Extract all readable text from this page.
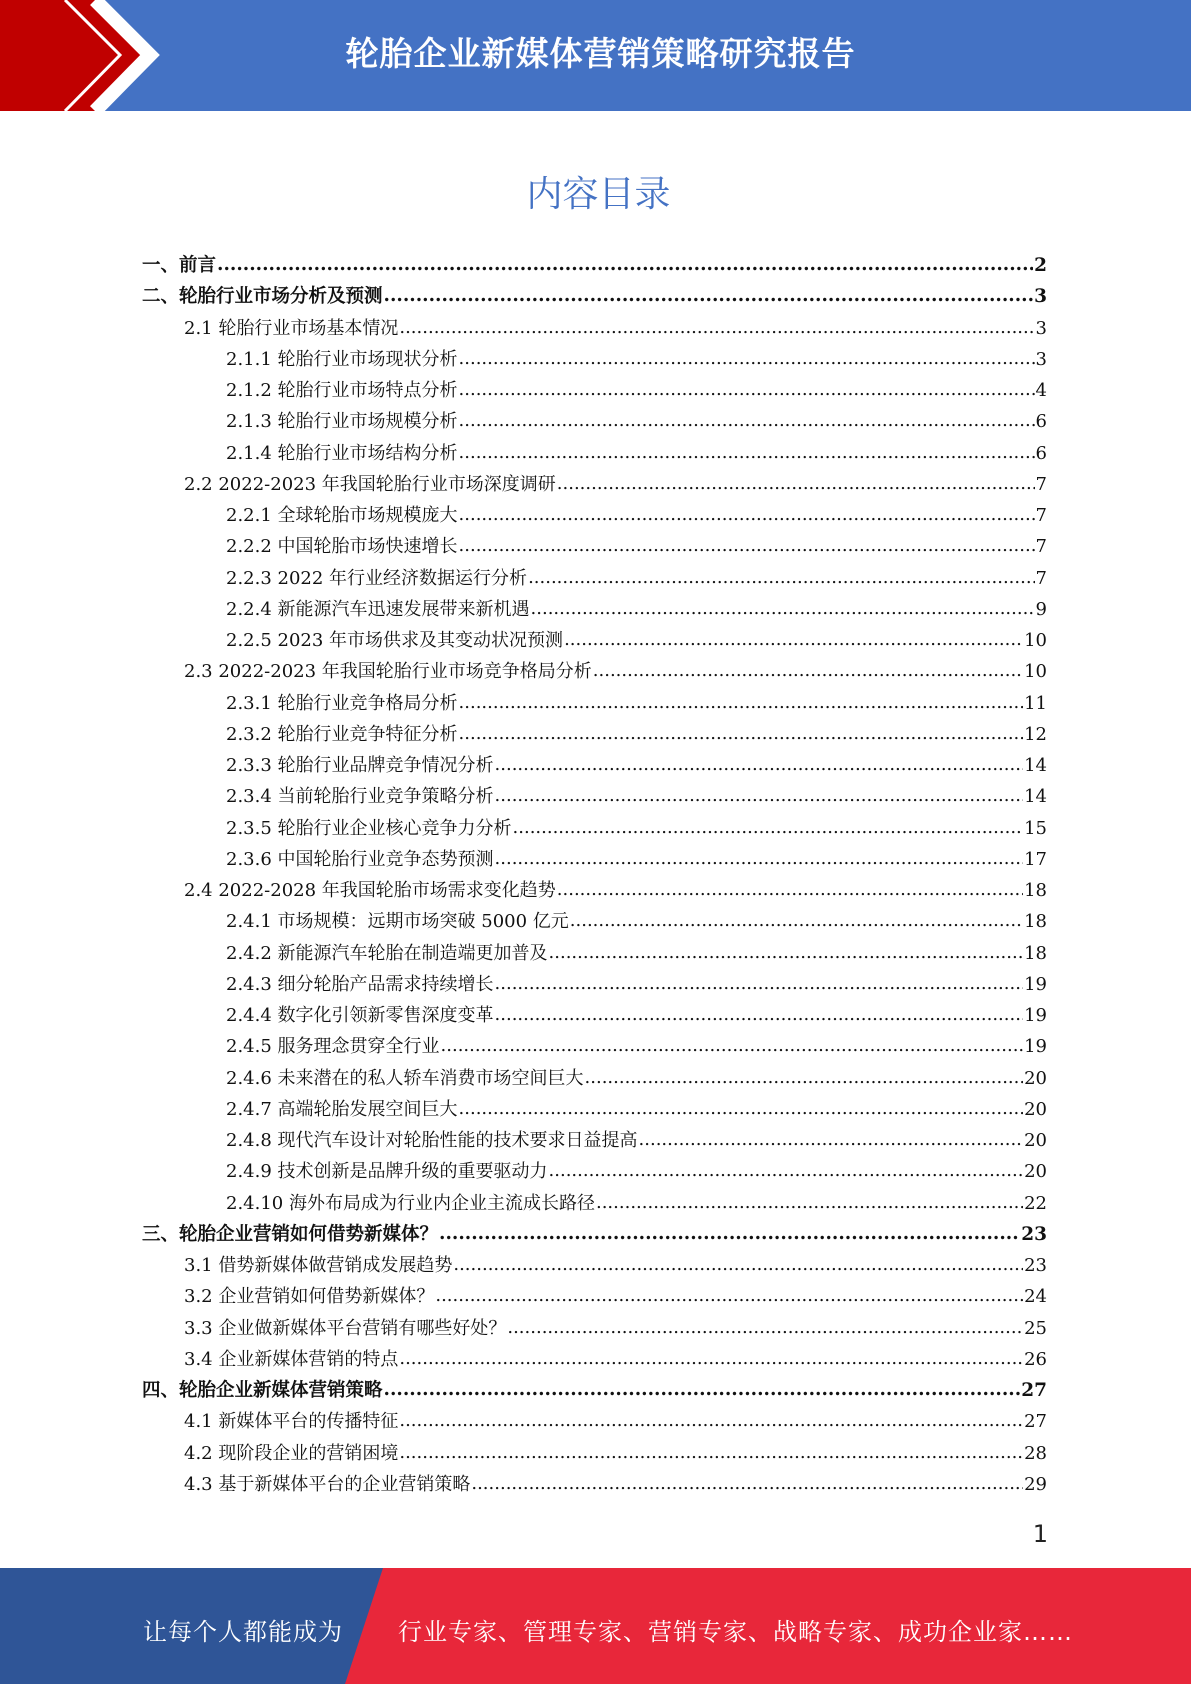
轮胎企业新媒体营销策略研究报告
内容目录
一、前言 .....	2
二、轮胎行业市场分析及预测 .....	3
2.1 轮胎行业市场基本情况 .....	3
2.1.1 轮胎行业市场现状分析 .....	3
2.1.2 轮胎行业市场特点分析 .....	4
2.1.3 轮胎行业市场规模分析 .....	6
2.1.4 轮胎行业市场结构分析 .....	6
2.2 2022-2023 年我国轮胎行业市场深度调研 .....	7
2.2.1 全球轮胎市场规模庞大 .....	7
2.2.2 中国轮胎市场快速增长 .....	7
2.2.3 2022 年行业经济数据运行分析 .....	7
2.2.4 新能源汽车迅速发展带来新机遇 .....	9
2.2.5 2023 年市场供求及其变动状况预测 .....	10
2.3 2022-2023 年我国轮胎行业市场竞争格局分析 .....	10
2.3.1 轮胎行业竞争格局分析 .....	11
2.3.2 轮胎行业竞争特征分析 .....	12
2.3.3 轮胎行业品牌竞争情况分析 .....	14
2.3.4 当前轮胎行业竞争策略分析 .....	14
2.3.5 轮胎行业企业核心竞争力分析 .....	15
2.3.6 中国轮胎行业竞争态势预测 .....	17
2.4 2022-2028 年我国轮胎市场需求变化趋势 .....	18
2.4.1 市场规模：远期市场突破 5000 亿元 .....	18
2.4.2 新能源汽车轮胎在制造端更加普及 .....	18
2.4.3 细分轮胎产品需求持续增长 .....	19
2.4.4 数字化引领新零售深度变革 .....	19
2.4.5 服务理念贯穿全行业 .....	19
2.4.6 未来潜在的私人轿车消费市场空间巨大 .....	20
2.4.7 高端轮胎发展空间巨大 .....	20
2.4.8 现代汽车设计对轮胎性能的技术要求日益提高 .....	20
2.4.9 技术创新是品牌升级的重要驱动力 .....	20
2.4.10 海外布局成为行业内企业主流成长路径 .....	22
三、轮胎企业营销如何借势新媒体？ .....	23
3.1 借势新媒体做营销成发展趋势 .....	23
3.2 企业营销如何借势新媒体？ .....	24
3.3 企业做新媒体平台营销有哪些好处？ .....	25
3.4 企业新媒体营销的特点 .....	26
四、轮胎企业新媒体营销策略 .....	27
4.1 新媒体平台的传播特征 .....	27
4.2 现阶段企业的营销困境 .....	28
4.3 基于新媒体平台的企业营销策略 .....	29
1
让每个人都能成为 行业专家、管理专家、营销专家、战略专家、成功企业家……
